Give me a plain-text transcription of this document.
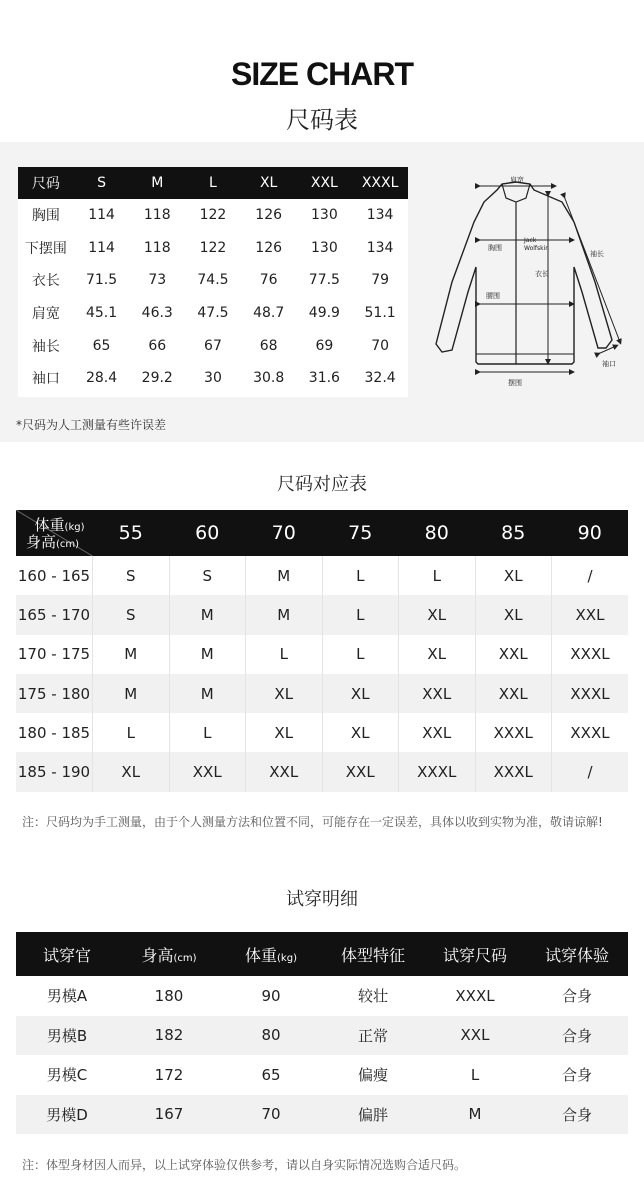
SIZE CHART
尺码表
尺码	S	M	L	XL	XXL	XXXL
胸围	114	118	122	126	130	134
下摆围	114	118	122	126	130	134
衣长	71.5	73	74.5	76	77.5	79
肩宽	45.1	46.3	47.5	48.7	49.9	51.1
袖长	65	66	67	68	69	70
袖口	28.4	29.2	30	30.8	31.6	32.4
肩宽
胸围
Jack
Wolfskin
衣长
腰围
摆围
袖长
袖口
*尺码为人工测量有些许误差
尺码对应表
体重(kg)
身高(cm)	55	60	70	75	80	85	90
160 - 165	S	S	M	L	L	XL	/
165 - 170	S	M	M	L	XL	XL	XXL
170 - 175	M	M	L	L	XL	XXL	XXXL
175 - 180	M	M	XL	XL	XXL	XXL	XXXL
180 - 185	L	L	XL	XL	XXL	XXXL	XXXL
185 - 190	XL	XXL	XXL	XXL	XXXL	XXXL	/
注：尺码均为手工测量，由于个人测量方法和位置不同，可能存在一定误差，具体以收到实物为准，敬请谅解!
试穿明细
试穿官	身高(cm)	体重(kg)	体型特征	试穿尺码	试穿体验
男模A	180	90	较壮	XXXL	合身
男模B	182	80	正常	XXL	合身
男模C	172	65	偏瘦	L	合身
男模D	167	70	偏胖	M	合身
注：体型身材因人而异，以上试穿体验仅供参考，请以自身实际情况选购合适尺码。
